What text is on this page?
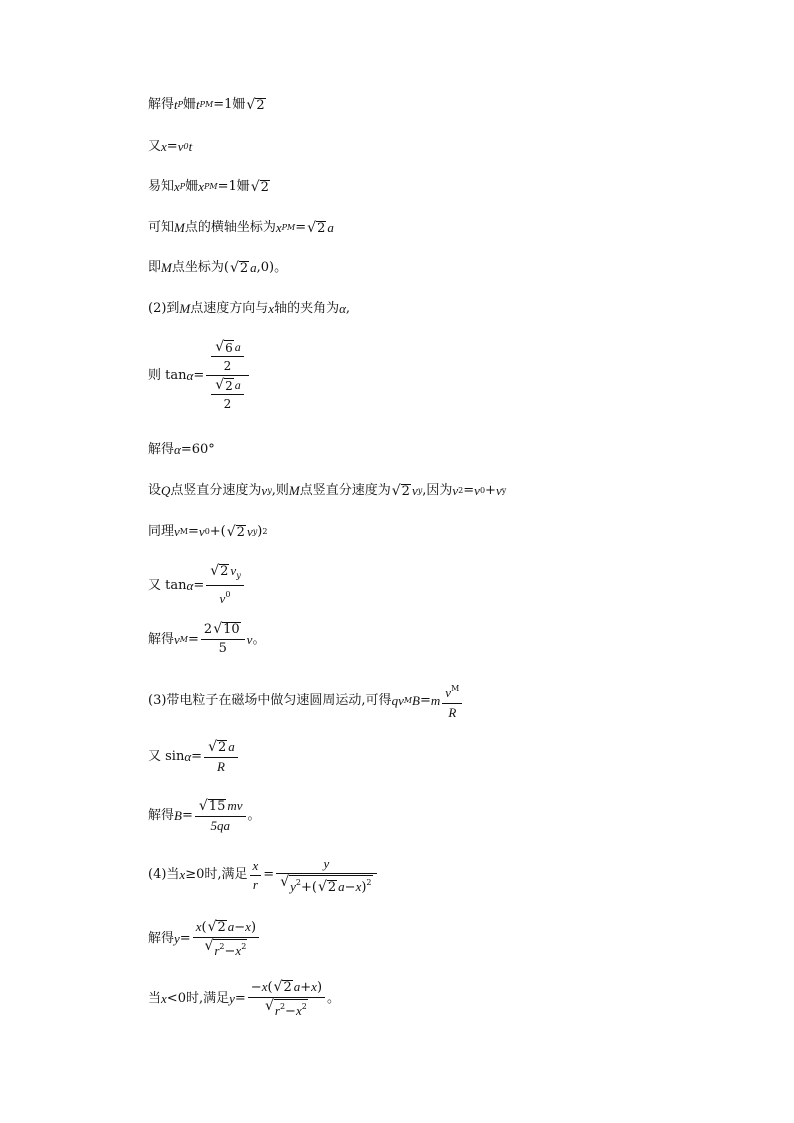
解得 t P 姍 t PM =1姍 √ 2
又 x = v 0 t
易知 x P 姍 x PM =1姍 √ 2
可知 M 点的横轴坐标为 x PM = √ 2 a
即 M 点坐标为( √ 2 a ,0)。
(2)到 M 点速度方向与 x 轴的夹角为 α ,
则 $\tan \alpha = \frac{\frac{√ 6 a}{2}}{\frac{√ 2 a}{2}}$
解得 α =60°
设 Q 点竖直分速度为 v y ,则 M 点竖直分速度为 √ 2 v y ,因为 v 2 = v 0 + v y
同理 v M = v 0 +( √ 2 v y ) 2
又 $\tan \alpha = \frac{√ 2 v_y}{v^0}$
解得 v $M = \frac{2 √ 10}{5}$ v 。
(3)带电粒子在磁场中做匀速圆周运动,可得 qv M B = m $\frac{v^M}{R}$
又 $\sin \alpha = \frac{√ 2 a}{R}$
解得 $B = \frac{√ 15 mv}{5qa}$ 。
(4)当 x ≥0时,满足 $\frac{x}{r} = \frac{y}{√ y^2+( √ 2 a-x)^2}$
解得 $y = \frac{x( √ 2 a-x)}{√ r^2-x^2}$
当 x <0时,满足 $y = \frac{-x( √ 2 a+x)}{√ r^2-x^2}$ 。
